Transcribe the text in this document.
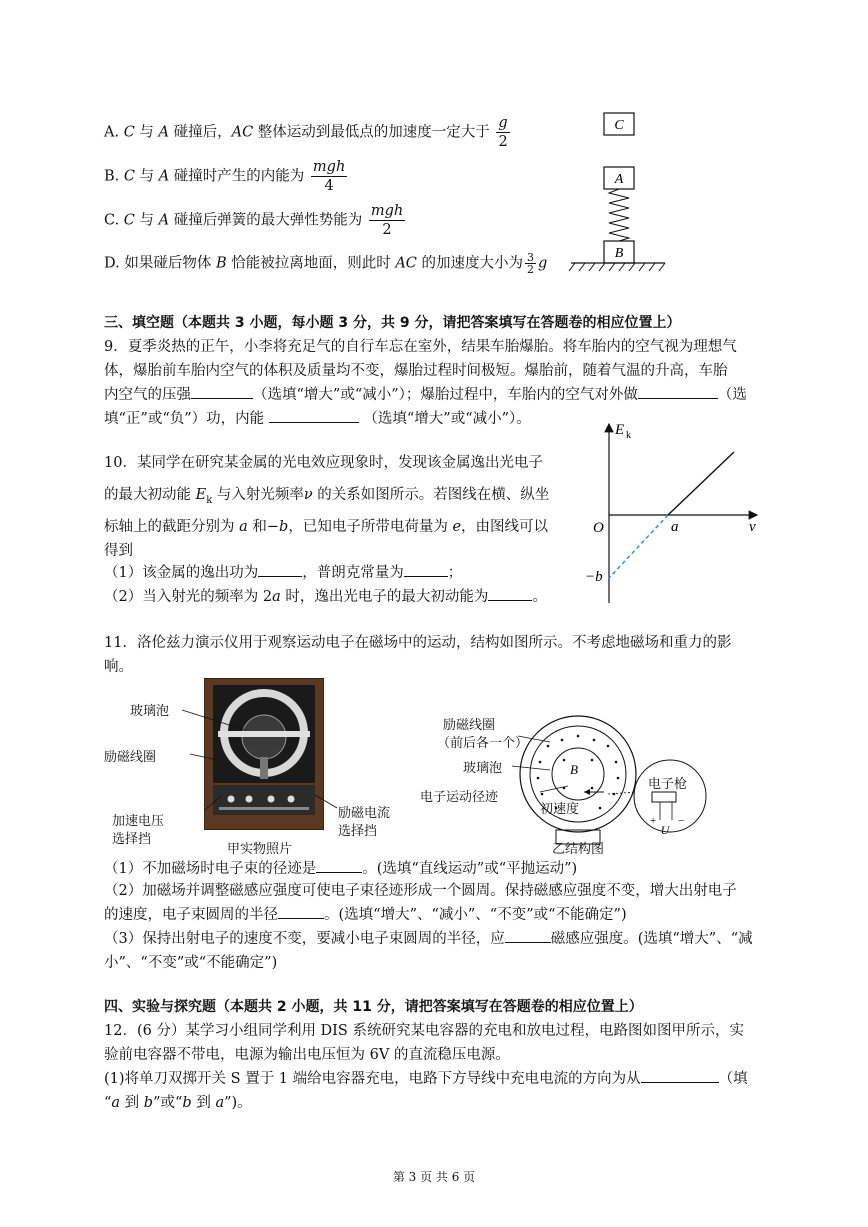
A. C 与 A 碰撞后，AC 整体运动到最低点的加速度一定大于 $\frac{g}{2}$
B. C 与 A 碰撞时产生的内能为 $\frac{\text{mgh}}{4}$
C. C 与 A 碰撞后弹簧的最大弹性势能为 $\frac{\text{mgh}}{2}$
D. 如果碰后物体 B 恰能被拉离地面，则此时 AC 的加速度大小为 $\frac{3}{2}$ g
C
A
B
三、填空题（本题共 3 小题，每小题 3 分，共 9 分，请把答案填写在答题卷的相应位置上）
9．夏季炎热的正午，小李将充足气的自行车忘在室外，结果车胎爆胎。将车胎内的空气视为理想气
体，爆胎前车胎内空气的体积及质量均不变，爆胎过程时间极短。爆胎前，随着气温的升高，车胎
内空气的压强	（选填“增大”或“减小”）；爆胎过程中，车胎内的空气对外做	（选
填“正”或“负”）功，内能	（选填“增大”或“减小”）。
10．某同学在研究某金属的光电效应现象时，发现该金属逸出光电子
的最大初动能 $E_k$ 与入射光频率ν 的关系如图所示。若图线在横、纵坐
标轴上的截距分别为 a 和−b，已知电子所带电荷量为 e，由图线可以
得到
（1）该金属的逸出功为	，普朗克常量为	；
（2）当入射光的频率为 2a 时，逸出光电子的最大初动能为	。
E k
O	a	ν
−b
11．洛伦兹力演示仪用于观察运动电子在磁场中的运动，结构如图所示。不考虑地磁场和重力的影
响。
玻璃泡
励磁线圈
加速电压
选择挡
励磁电流
选择挡
甲实物照片
B
+ −
U
励磁线圈
（前后各一个）
玻璃泡
电子运动径迹
初速度
电子枪
乙结构图
（1）不加磁场时电子束的径迹是	。(选填“直线运动”或“平抛运动”)
（2）加磁场并调整磁感应强度可使电子束径迹形成一个圆周。保持磁感应强度不变，增大出射电子
的速度，电子束圆周的半径	。(选填“增大”、“减小”、“不变”或“不能确定”)
（3）保持出射电子的速度不变，要减小电子束圆周的半径，应	磁感应强度。(选填“增大”、“减
小”、“不变”或“不能确定”)
四、实验与探究题（本题共 2 小题，共 11 分，请把答案填写在答题卷的相应位置上）
12．(6 分）某学习小组同学利用 DIS 系统研究某电容器的充电和放电过程，电路图如图甲所示，实
验前电容器不带电，电源为输出电压恒为 6V 的直流稳压电源。
(1)将单刀双掷开关 S 置于 1 端给电容器充电，电路下方导线中充电电流的方向为从	（填
“a 到 b”或“b 到 a”)。
第 3 页 共 6 页
